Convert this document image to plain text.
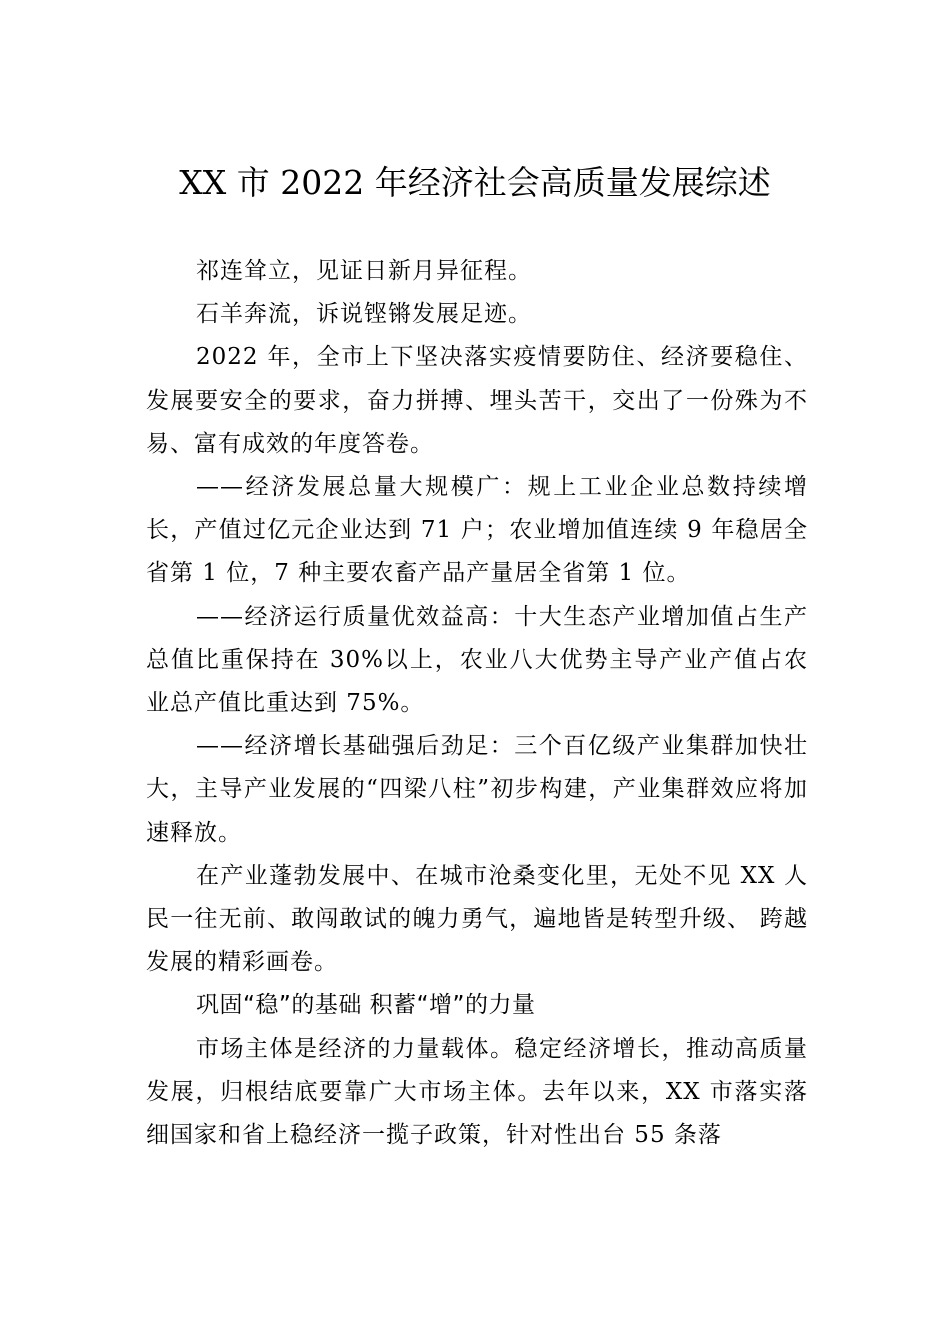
XX 市 2022 年经济社会高质量发展综述

祁连耸立，见证日新月异征程。

石羊奔流，诉说铿锵发展足迹。

2022 年，全市上下坚决落实疫情要防住、经济要稳住、发展要安全的要求，奋力拼搏、埋头苦干，交出了一份殊为不易、富有成效的年度答卷。

——经济发展总量大规模广：规上工业企业总数持续增长，产值过亿元企业达到 71 户；农业增加值连续 9 年稳居全省第 1 位，7 种主要农畜产品产量居全省第 1 位。

——经济运行质量优效益高：十大生态产业增加值占生产总值比重保持在 30%以上，农业八大优势主导产业产值占农业总产值比重达到 75%。

——经济增长基础强后劲足：三个百亿级产业集群加快壮大，主导产业发展的“四梁八柱”初步构建，产业集群效应将加速释放。

在产业蓬勃发展中、在城市沧桑变化里，无处不见 XX 人民一往无前、敢闯敢试的魄力勇气，遍地皆是转型升级、 跨越发展的精彩画卷。

巩固“稳”的基础 积蓄“增”的力量

市场主体是经济的力量载体。稳定经济增长，推动高质量发展，归根结底要靠广大市场主体。去年以来，XX 市落实落细国家和省上稳经济一揽子政策，针对性出台 55 条落
